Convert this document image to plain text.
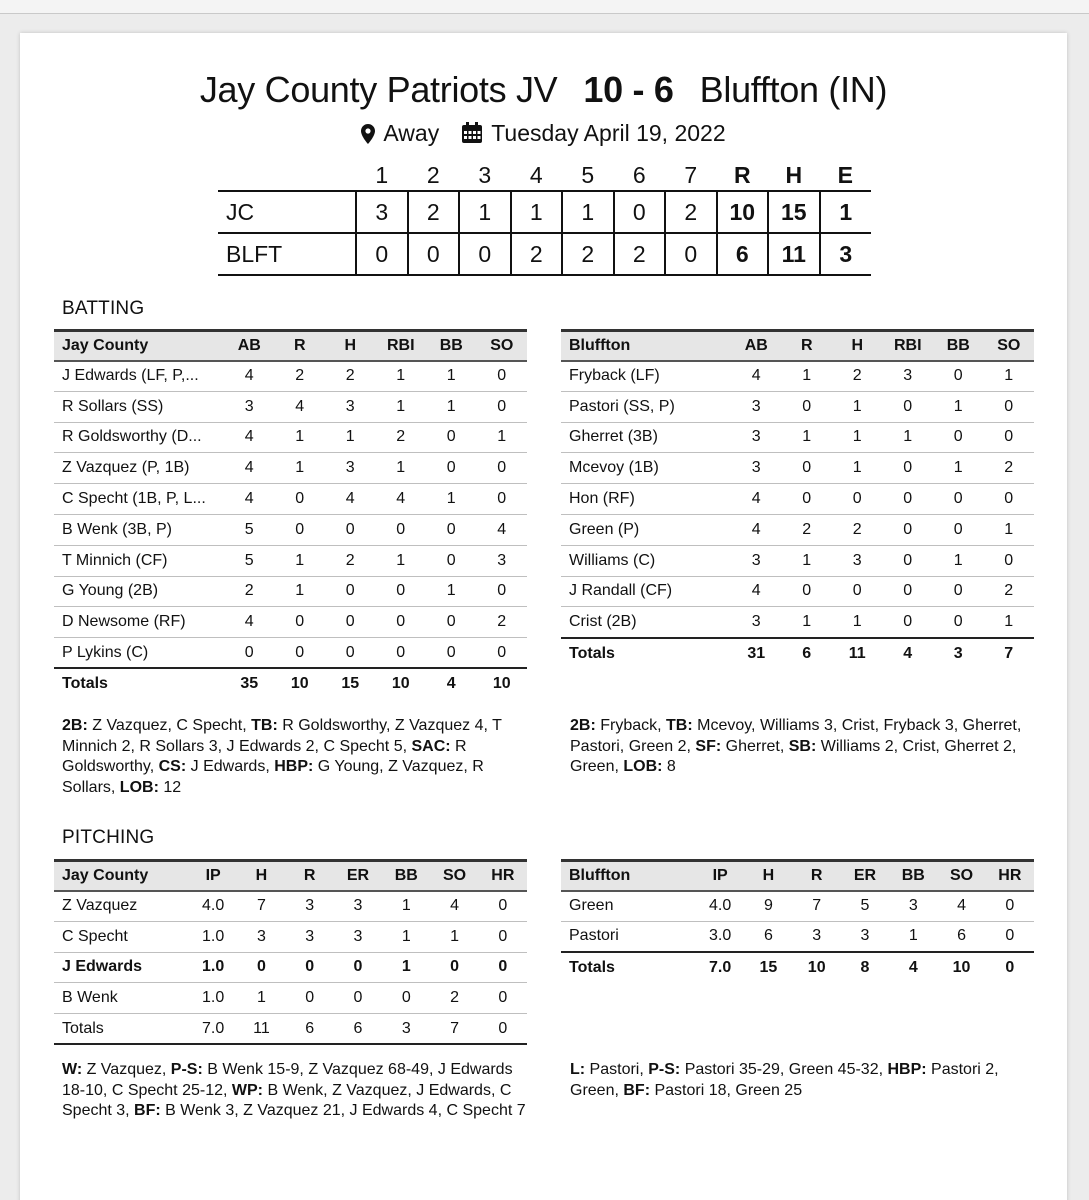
Jay County Patriots JV 10 - 6 Bluffton (IN)
Away Tuesday April 19, 2022
	1	2	3	4	5	6	7	R	H	E
JC	3	2	1	1	1	0	2	10	15	1
BLFT	0	0	0	2	2	2	0	6	11	3
BATTING
Jay County	AB	R	H	RBI	BB	SO
J Edwards (LF, P,...	4	2	2	1	1	0
R Sollars (SS)	3	4	3	1	1	0
R Goldsworthy (D...	4	1	1	2	0	1
Z Vazquez (P, 1B)	4	1	3	1	0	0
C Specht (1B, P, L...	4	0	4	4	1	0
B Wenk (3B, P)	5	0	0	0	0	4
T Minnich (CF)	5	1	2	1	0	3
G Young (2B)	2	1	0	0	1	0
D Newsome (RF)	4	0	0	0	0	2
P Lykins (C)	0	0	0	0	0	0
Totals	35	10	15	10	4	10
Bluffton	AB	R	H	RBI	BB	SO
Fryback (LF)	4	1	2	3	0	1
Pastori (SS, P)	3	0	1	0	1	0
Gherret (3B)	3	1	1	1	0	0
Mcevoy (1B)	3	0	1	0	1	2
Hon (RF)	4	0	0	0	0	0
Green (P)	4	2	2	0	0	1
Williams (C)	3	1	3	0	1	0
J Randall (CF)	4	0	0	0	0	2
Crist (2B)	3	1	1	0	0	1
Totals	31	6	11	4	3	7
2B: Z Vazquez, C Specht, TB: R Goldsworthy, Z Vazquez 4, T Minnich 2, R Sollars 3, J Edwards 2, C Specht 5, SAC: R Goldsworthy, CS: J Edwards, HBP: G Young, Z Vazquez, R Sollars, LOB: 12
2B: Fryback, TB: Mcevoy, Williams 3, Crist, Fryback 3, Gherret, Pastori, Green 2, SF: Gherret, SB: Williams 2, Crist, Gherret 2, Green, LOB: 8
PITCHING
Jay County	IP	H	R	ER	BB	SO	HR
Z Vazquez	4.0	7	3	3	1	4	0
C Specht	1.0	3	3	3	1	1	0
J Edwards	1.0	0	0	0	1	0	0
B Wenk	1.0	1	0	0	0	2	0
Totals	7.0	11	6	6	3	7	0
Bluffton	IP	H	R	ER	BB	SO	HR
Green	4.0	9	7	5	3	4	0
Pastori	3.0	6	3	3	1	6	0
Totals	7.0	15	10	8	4	10	0
W: Z Vazquez, P-S: B Wenk 15-9, Z Vazquez 68-49, J Edwards 18-10, C Specht 25-12, WP: B Wenk, Z Vazquez, J Edwards, C Specht 3, BF: B Wenk 3, Z Vazquez 21, J Edwards 4, C Specht 7
L: Pastori, P-S: Pastori 35-29, Green 45-32, HBP: Pastori 2, Green, BF: Pastori 18, Green 25
